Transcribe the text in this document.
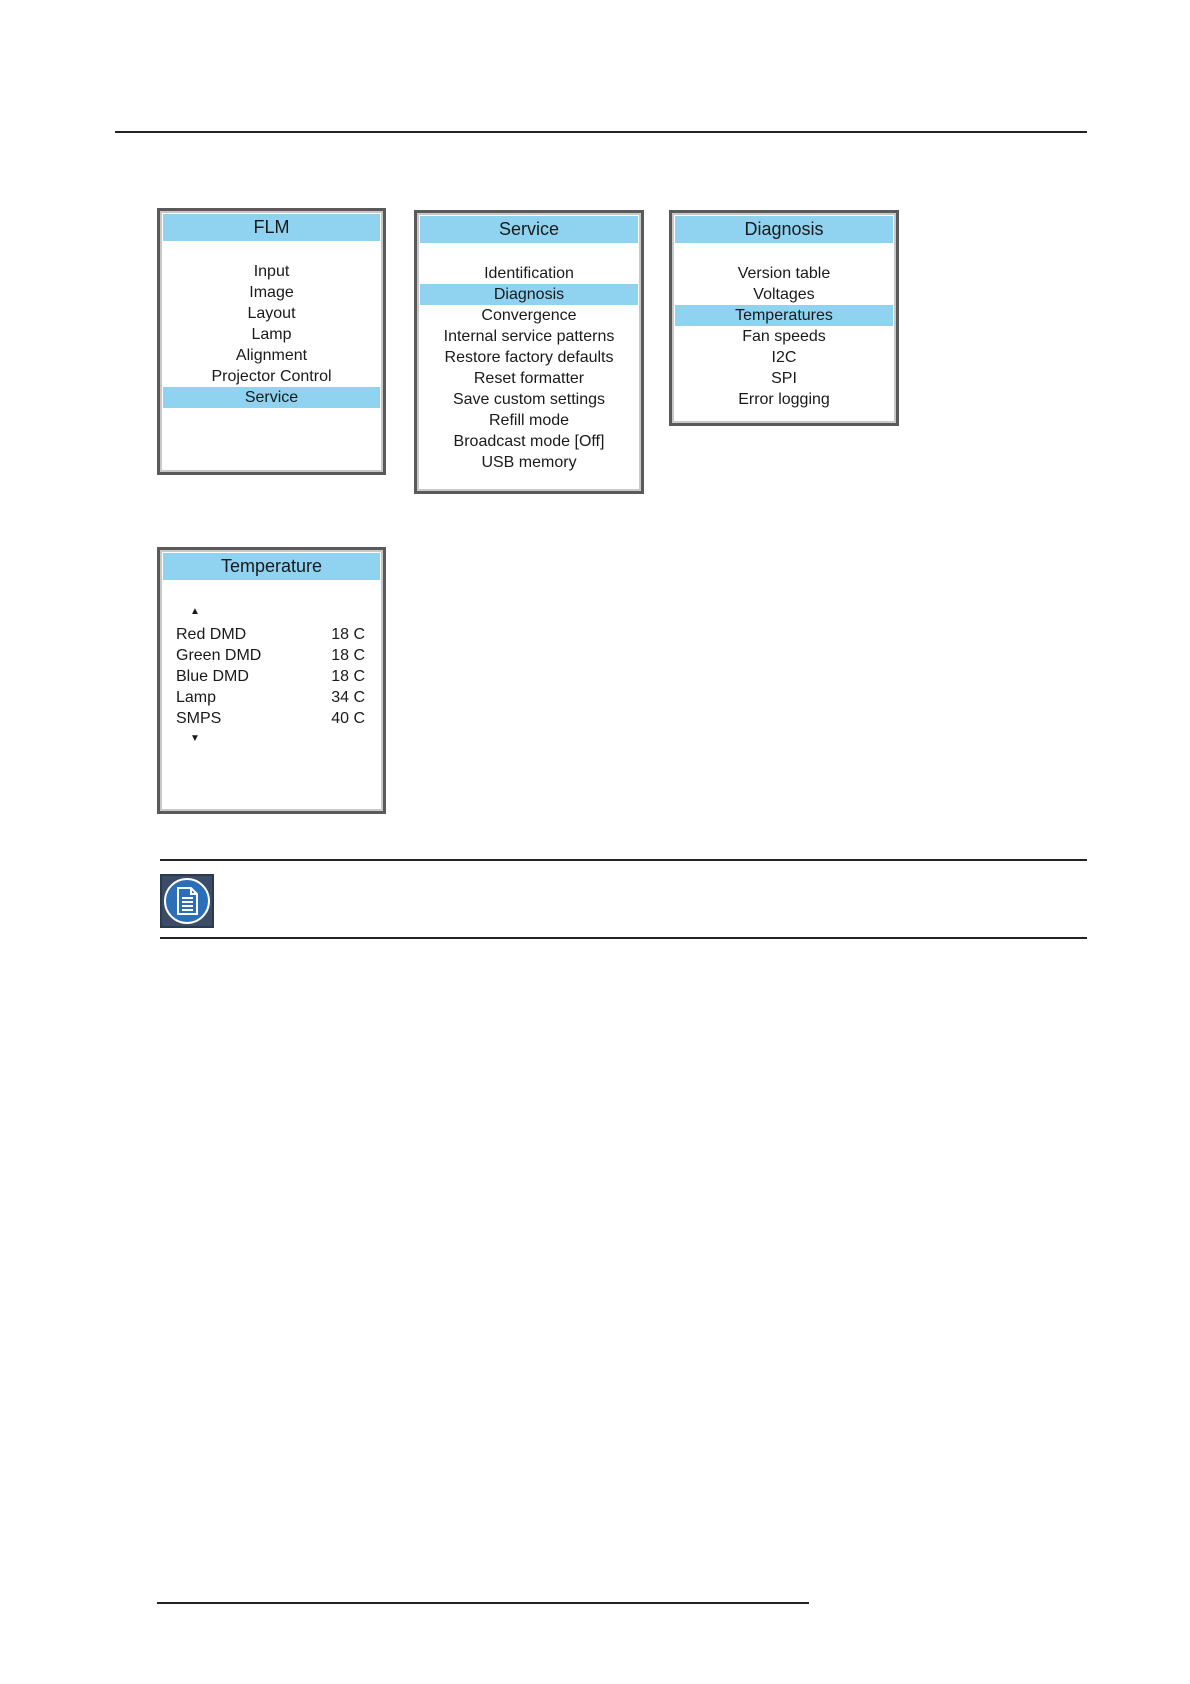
FLM
Input
Image
Layout
Lamp
Alignment
Projector Control
Service
Service
Identification
Diagnosis
Convergence
Internal service patterns
Restore factory defaults
Reset formatter
Save custom settings
Refill mode
Broadcast mode [Off]
USB memory
Diagnosis
Version table
Voltages
Temperatures
Fan speeds
I2C
SPI
Error logging
Temperature
▲
Red DMD	18 C
Green DMD	18 C
Blue DMD	18 C
Lamp	34 C
SMPS	40 C
▼
